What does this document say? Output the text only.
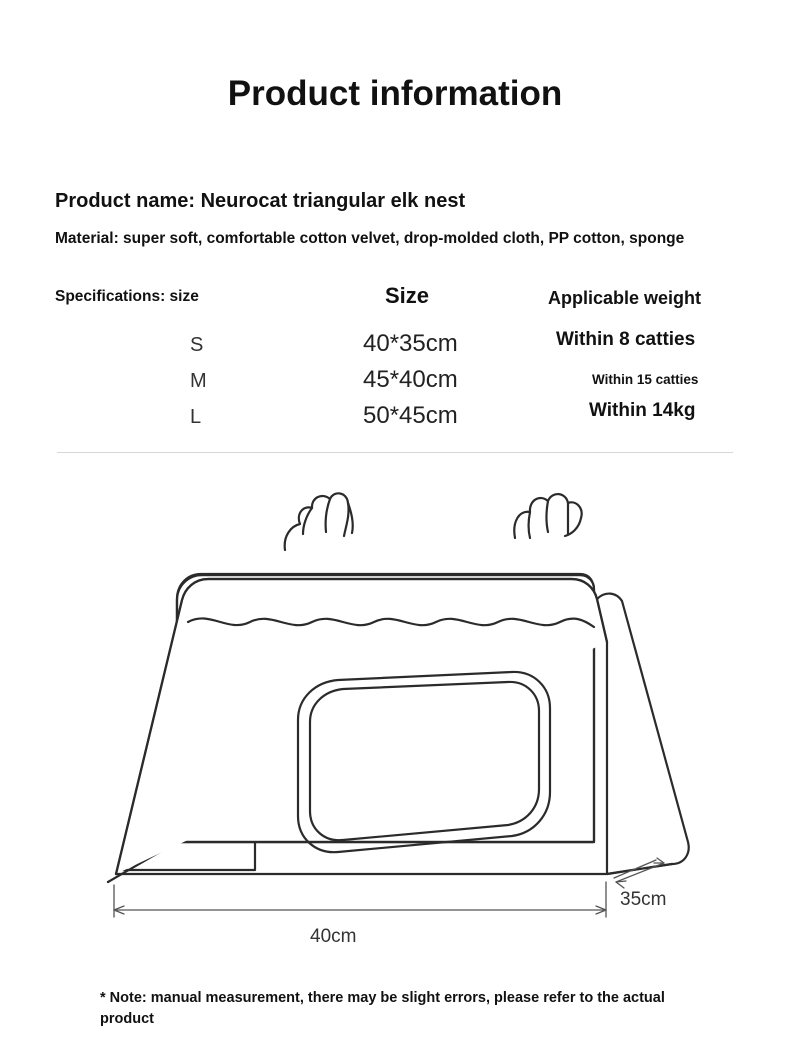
Product information
Product name: Neurocat triangular elk nest
Material: super soft, comfortable cotton velvet, drop-molded cloth, PP cotton, sponge
Specifications: size	Size	Applicable weight
S	40*35cm	Within 8 catties
M	45*40cm	Within 15 catties
L	50*45cm	Within 14kg
40cm
35cm
* Note: manual measurement, there may be slight errors, please refer to the actual product
